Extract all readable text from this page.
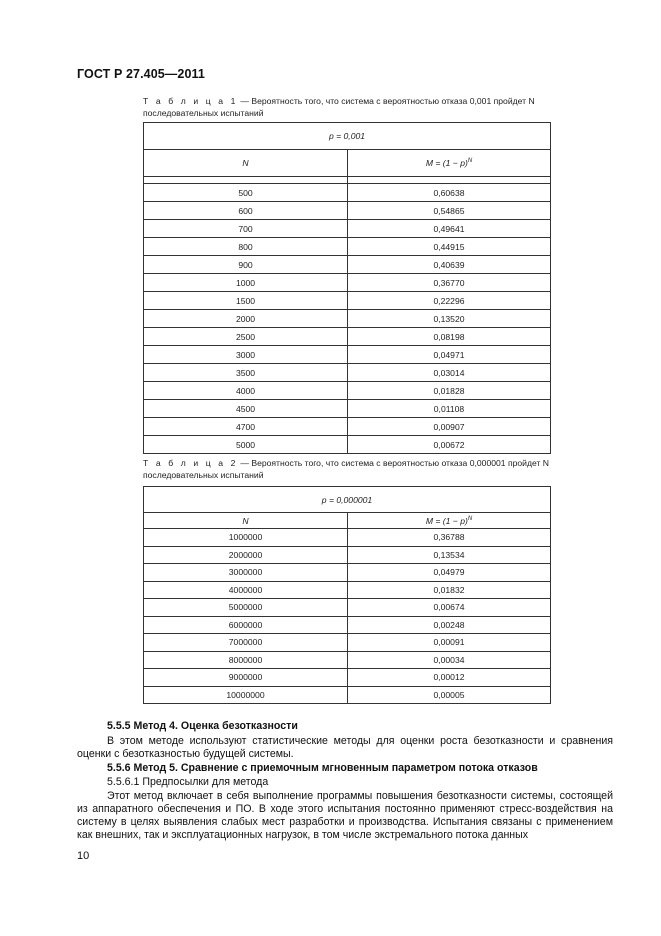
ГОСТ Р 27.405—2011
Т а б л и ц а 1 — Вероятность того, что система с вероятностью отказа 0,001 пройдет N последовательных испытаний
p = 0,001	
N	$M = (1 - p)^N$

500	0,60638
600	0,54865
700	0,49641
800	0,44915
900	0,40639
1000	0,36770
1500	0,22296
2000	0,13520
2500	0,08198
3000	0,04971
3500	0,03014
4000	0,01828
4500	0,01108
4700	0,00907
5000	0,00672
Т а б л и ц а 2 — Вероятность того, что система с вероятностью отказа 0,000001 пройдет N последовательных испытаний
p = 0,000001	
N	$M = (1 - p)^N$
1000000	0,36788
2000000	0,13534
3000000	0,04979
4000000	0,01832
5000000	0,00674
6000000	0,00248
7000000	0,00091
8000000	0,00034
9000000	0,00012
10000000	0,00005
5.5.5 Метод 4. Оценка безотказности

В этом методе используют статистические методы для оценки роста безотказности и сравнения оценки с безотказностью будущей системы.

5.5.6 Метод 5. Сравнение с приемочным мгновенным параметром потока отказов
5.5.6.1 Предпосылки для метода

Этот метод включает в себя выполнение программы повышения безотказности системы, состоящей из аппаратного обеспечения и ПО. В ходе этого испытания постоянно применяют стресс-воздействия на систему в целях выявления слабых мест разработки и производства. Испытания связаны с применением как внешних, так и эксплуатационных нагрузок, в том числе экстремального потока данных

10
